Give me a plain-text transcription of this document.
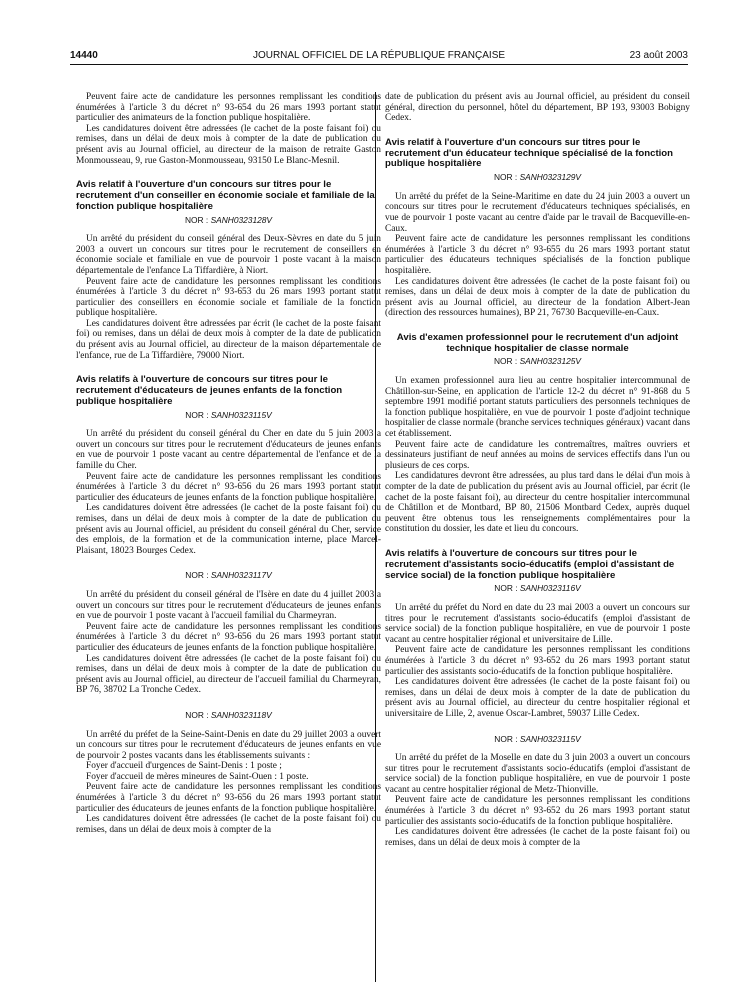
14440	JOURNAL OFFICIEL DE LA RÉPUBLIQUE FRANÇAISE	23 août 2003

Peuvent faire acte de candidature les personnes remplissant les conditions énumérées à l'article 3 du décret n° 93-654 du 26 mars 1993 portant statut particulier des animateurs de la fonction publique hospitalière.

Les candidatures doivent être adressées (le cachet de la poste faisant foi) ou remises, dans un délai de deux mois à compter de la date de publication du présent avis au Journal officiel, au directeur de la maison de retraite Gaston Monmousseau, 9, rue Gaston-Monmousseau, 93150 Le Blanc-Mesnil.

Avis relatif à l'ouverture d'un concours sur titres pour le recrutement d'un conseiller en économie sociale et familiale de la fonction publique hospitalière
NOR : SANH0323128V

Un arrêté du président du conseil général des Deux-Sèvres en date du 5 juin 2003 a ouvert un concours sur titres pour le recrutement de conseillers en économie sociale et familiale en vue de pourvoir 1 poste vacant à la maison départementale de l'enfance La Tiffardière, à Niort.

Peuvent faire acte de candidature les personnes remplissant les conditions énumérées à l'article 3 du décret n° 93-653 du 26 mars 1993 portant statut particulier des conseillers en économie sociale et familiale de la fonction publique hospitalière.

Les candidatures doivent être adressées par écrit (le cachet de la poste faisant foi) ou remises, dans un délai de deux mois à compter de la date de publication du présent avis au Journal officiel, au directeur de la maison départementale de l'enfance, rue de La Tiffardière, 79000 Niort.

Avis relatifs à l'ouverture de concours sur titres pour le recrutement d'éducateurs de jeunes enfants de la fonction publique hospitalière
NOR : SANH0323115V

Un arrêté du président du conseil général du Cher en date du 5 juin 2003 a ouvert un concours sur titres pour le recrutement d'éducateurs de jeunes enfants en vue de pourvoir 1 poste vacant au centre départemental de l'enfance et de la famille du Cher.

Peuvent faire acte de candidature les personnes remplissant les conditions énumérées à l'article 3 du décret n° 93-656 du 26 mars 1993 portant statut particulier des éducateurs de jeunes enfants de la fonction publique hospitalière.

Les candidatures doivent être adressées (le cachet de la poste faisant foi) ou remises, dans un délai de deux mois à compter de la date de publication du présent avis au Journal officiel, au président du conseil général du Cher, service des emplois, de la formation et de la communication interne, place Marcel-Plaisant, 18023 Bourges Cedex.

NOR : SANH0323117V

Un arrêté du président du conseil général de l'Isère en date du 4 juillet 2003 a ouvert un concours sur titres pour le recrutement d'éducateurs de jeunes enfants en vue de pourvoir 1 poste vacant à l'accueil familial du Charmeyran.

Peuvent faire acte de candidature les personnes remplissant les conditions énumérées à l'article 3 du décret n° 93-656 du 26 mars 1993 portant statut particulier des éducateurs de jeunes enfants de la fonction publique hospitalière.

Les candidatures doivent être adressées (le cachet de la poste faisant foi) ou remises, dans un délai de deux mois à compter de la date de publication du présent avis au Journal officiel, au directeur de l'accueil familial du Charmeyran, BP 76, 38702 La Tronche Cedex.

NOR : SANH0323118V

Un arrêté du préfet de la Seine-Saint-Denis en date du 29 juillet 2003 a ouvert un concours sur titres pour le recrutement d'éducateurs de jeunes enfants en vue de pourvoir 2 postes vacants dans les établissements suivants :

Foyer d'accueil d'urgences de Saint-Denis : 1 poste ;

Foyer d'accueil de mères mineures de Saint-Ouen : 1 poste.

Peuvent faire acte de candidature les personnes remplissant les conditions énumérées à l'article 3 du décret n° 93-656 du 26 mars 1993 portant statut particulier des éducateurs de jeunes enfants de la fonction publique hospitalière.

Les candidatures doivent être adressées (le cachet de la poste faisant foi) ou remises, dans un délai de deux mois à compter de la

date de publication du présent avis au Journal officiel, au président du conseil général, direction du personnel, hôtel du département, BP 193, 93003 Bobigny Cedex.

Avis relatif à l'ouverture d'un concours sur titres pour le recrutement d'un éducateur technique spécialisé de la fonction publique hospitalière
NOR : SANH0323129V

Un arrêté du préfet de la Seine-Maritime en date du 24 juin 2003 a ouvert un concours sur titres pour le recrutement d'éducateurs techniques spécialisés, en vue de pourvoir 1 poste vacant au centre d'aide par le travail de Bacqueville-en-Caux.

Peuvent faire acte de candidature les personnes remplissant les conditions énumérées à l'article 3 du décret n° 93-655 du 26 mars 1993 portant statut particulier des éducateurs techniques spécialisés de la fonction publique hospitalière.

Les candidatures doivent être adressées (le cachet de la poste faisant foi) ou remises, dans un délai de deux mois à compter de la date de publication du présent avis au Journal officiel, au directeur de la fondation Albert-Jean (direction des ressources humaines), BP 21, 76730 Bacqueville-en-Caux.

Avis d'examen professionnel pour le recrutement d'un adjoint technique hospitalier de classe normale
NOR : SANH0323125V

Un examen professionnel aura lieu au centre hospitalier intercommunal de Châtillon-sur-Seine, en application de l'article 12-2 du décret n° 91-868 du 5 septembre 1991 modifié portant statuts particuliers des personnels techniques de la fonction publique hospitalière, en vue de pourvoir 1 poste d'adjoint technique hospitalier de classe normale (branche services techniques généraux) vacant dans cet établissement.

Peuvent faire acte de candidature les contremaîtres, maîtres ouvriers et dessinateurs justifiant de neuf années au moins de services effectifs dans l'un ou plusieurs de ces corps.

Les candidatures devront être adressées, au plus tard dans le délai d'un mois à compter de la date de publication du présent avis au Journal officiel, par écrit (le cachet de la poste faisant foi), au directeur du centre hospitalier intercommunal de Châtillon et de Montbard, BP 80, 21506 Montbard Cedex, auprès duquel peuvent être obtenus tous les renseignements complémentaires pour la constitution du dossier, les date et lieu du concours.

Avis relatifs à l'ouverture de concours sur titres pour le recrutement d'assistants socio-éducatifs (emploi d'assistant de service social) de la fonction publique hospitalière
NOR : SANH0323116V

Un arrêté du préfet du Nord en date du 23 mai 2003 a ouvert un concours sur titres pour le recrutement d'assistants socio-éducatifs (emploi d'assistant de service social) de la fonction publique hospitalière, en vue de pourvoir 1 poste vacant au centre hospitalier régional et universitaire de Lille.

Peuvent faire acte de candidature les personnes remplissant les conditions énumérées à l'article 3 du décret n° 93-652 du 26 mars 1993 portant statut particulier des assistants socio-éducatifs de la fonction publique hospitalière.

Les candidatures doivent être adressées (le cachet de la poste faisant foi) ou remises, dans un délai de deux mois à compter de la date de publication du présent avis au Journal officiel, au directeur du centre hospitalier régional et universitaire de Lille, 2, avenue Oscar-Lambret, 59037 Lille Cedex.

NOR : SANH0323115V

Un arrêté du préfet de la Moselle en date du 3 juin 2003 a ouvert un concours sur titres pour le recrutement d'assistants socio-éducatifs (emploi d'assistant de service social) de la fonction publique hospitalière, en vue de pourvoir 1 poste vacant au centre hospitalier régional de Metz-Thionville.

Peuvent faire acte de candidature les personnes remplissant les conditions énumérées à l'article 3 du décret n° 93-652 du 26 mars 1993 portant statut particulier des assistants socio-éducatifs de la fonction publique hospitalière.

Les candidatures doivent être adressées (le cachet de la poste faisant foi) ou remises, dans un délai de deux mois à compter de la
